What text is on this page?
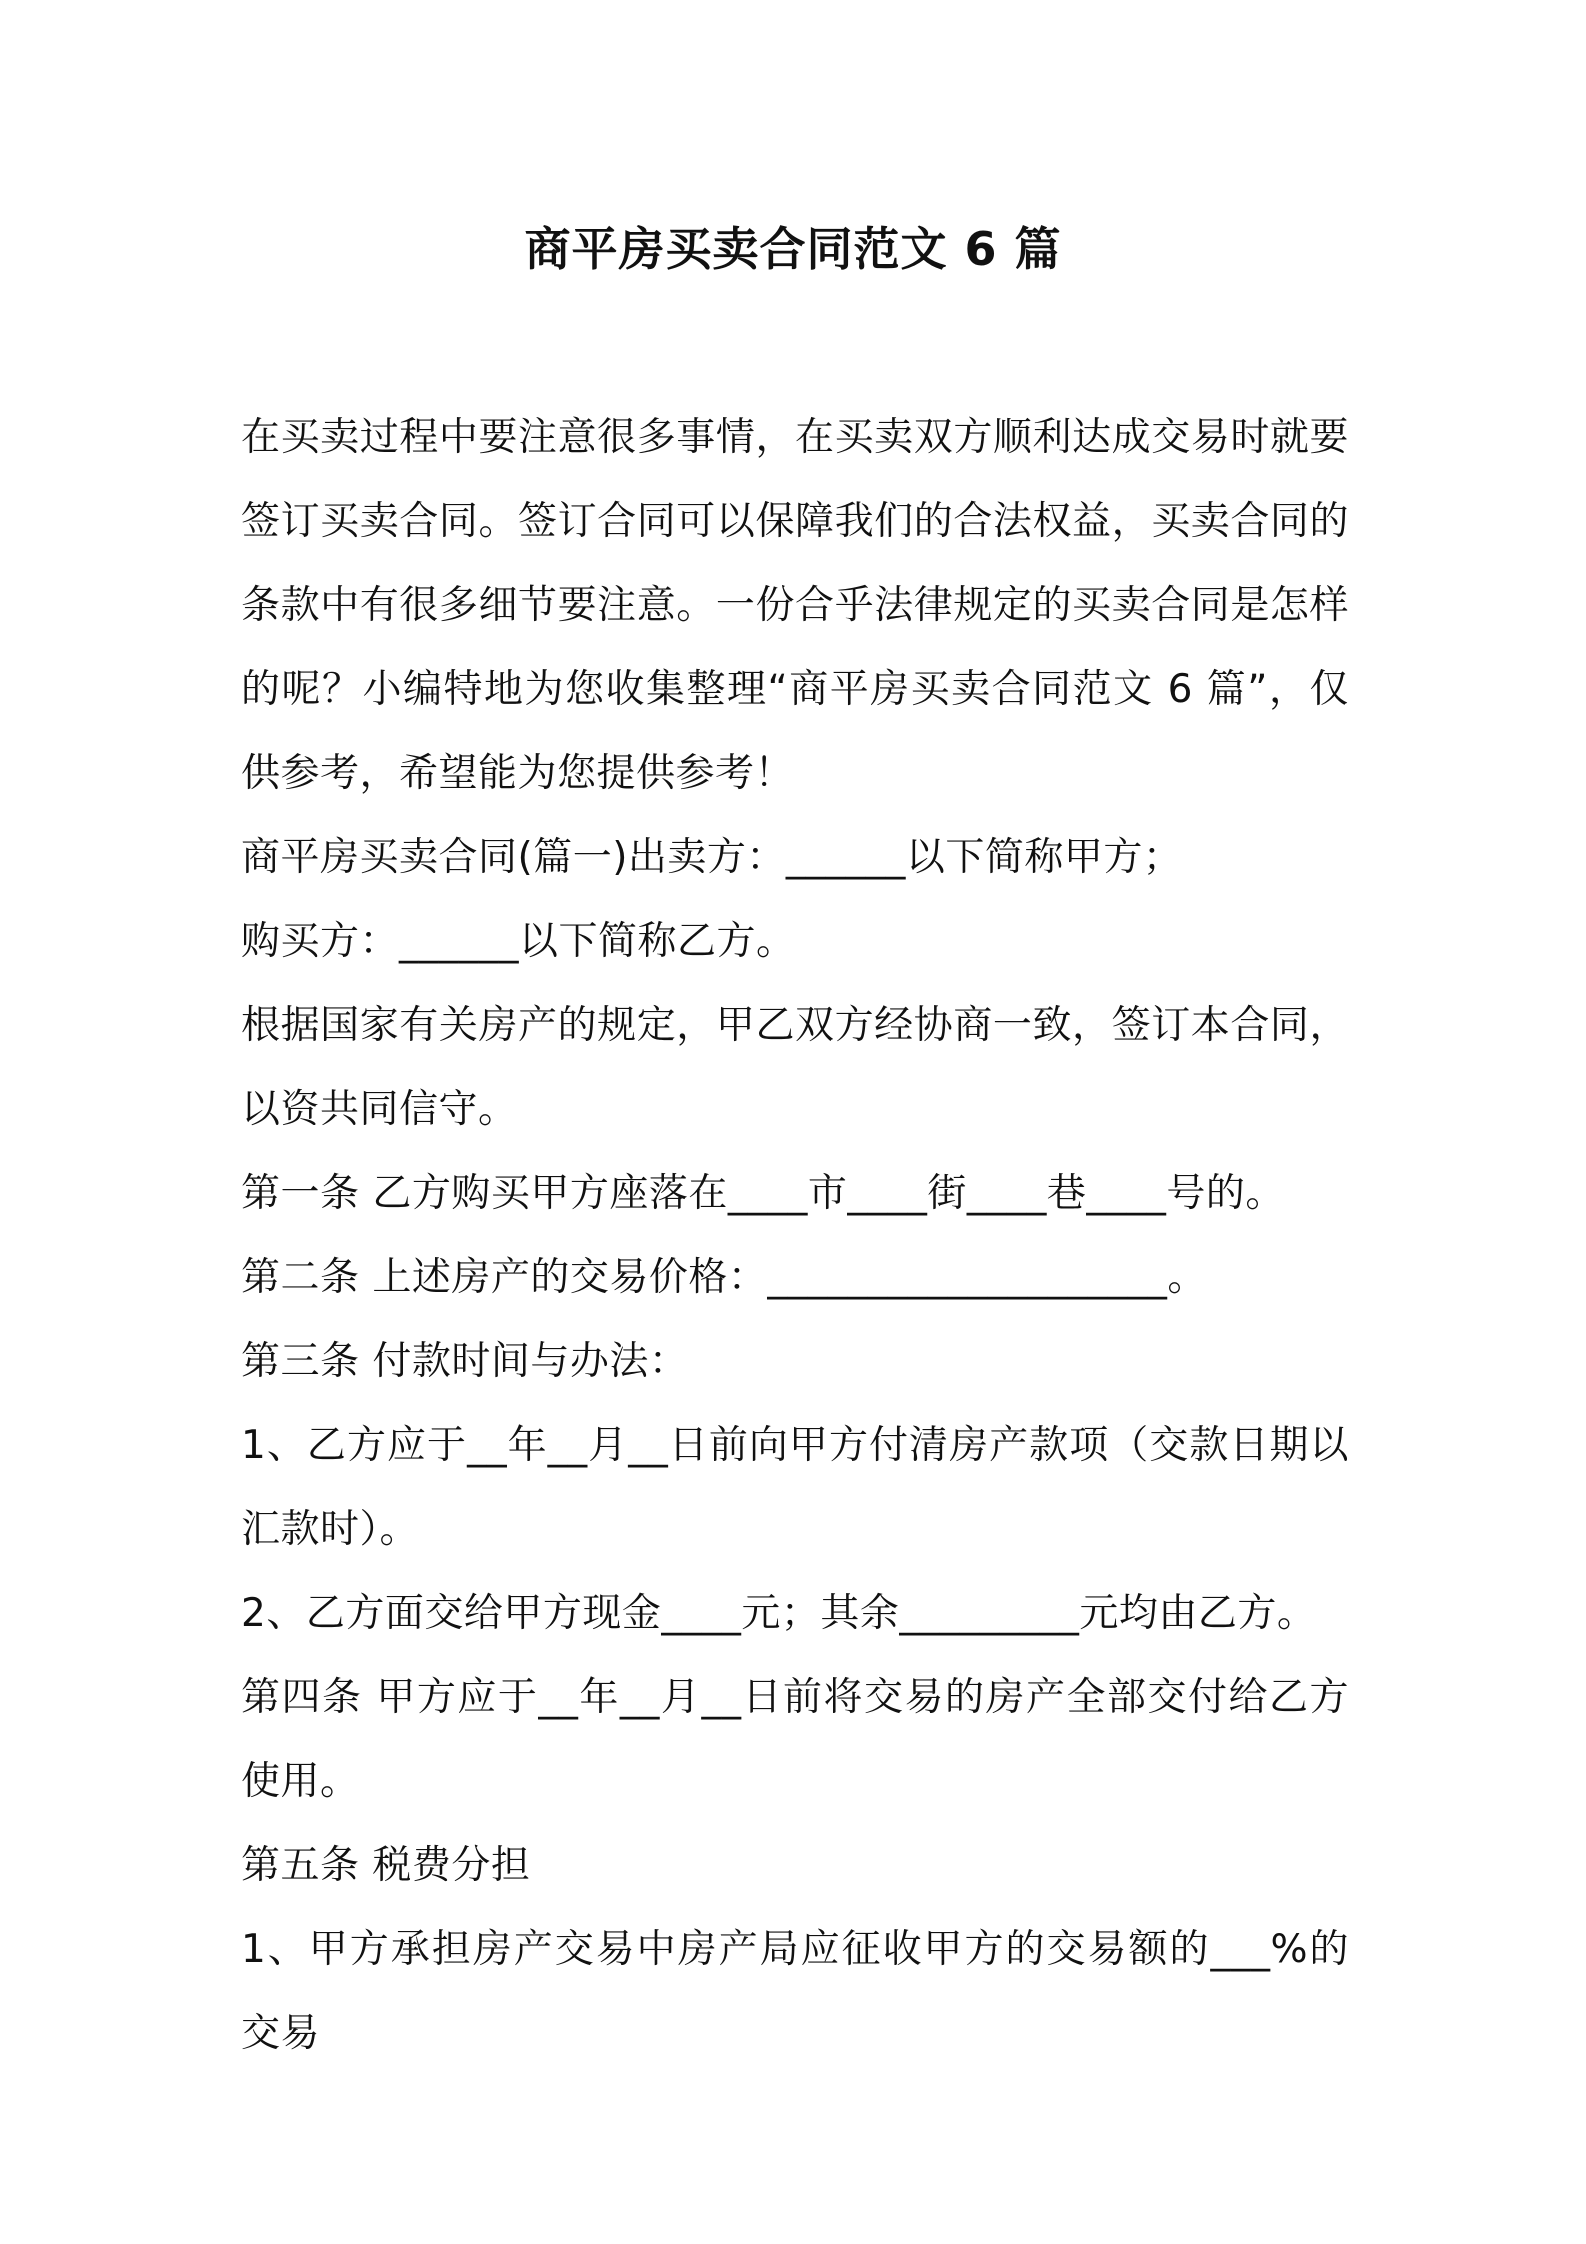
商平房买卖合同范文 6 篇

在买卖过程中要注意很多事情，在买卖双方顺利达成交易时就要签订买卖合同。签订合同可以保障我们的合法权益，买卖合同的条款中有很多细节要注意。一份合乎法律规定的买卖合同是怎样的呢？小编特地为您收集整理“商平房买卖合同范文 6 篇”，仅供参考，希望能为您提供参考！

商平房买卖合同(篇一)出卖方：______以下简称甲方；

购买方：______以下简称乙方。

根据国家有关房产的规定，甲乙双方经协商一致，签订本合同，以资共同信守。

第一条 乙方购买甲方座落在____市____街____巷____号的。

第二条 上述房产的交易价格：____________________。

第三条 付款时间与办法：

1、乙方应于__年__月__日前向甲方付清房产款项（交款日期以汇款时）。

2、乙方面交给甲方现金____元；其余_________元均由乙方。

第四条 甲方应于__年__月__日前将交易的房产全部交付给乙方使用。

第五条 税费分担

1、甲方承担房产交易中房产局应征收甲方的交易额的___%的交易
